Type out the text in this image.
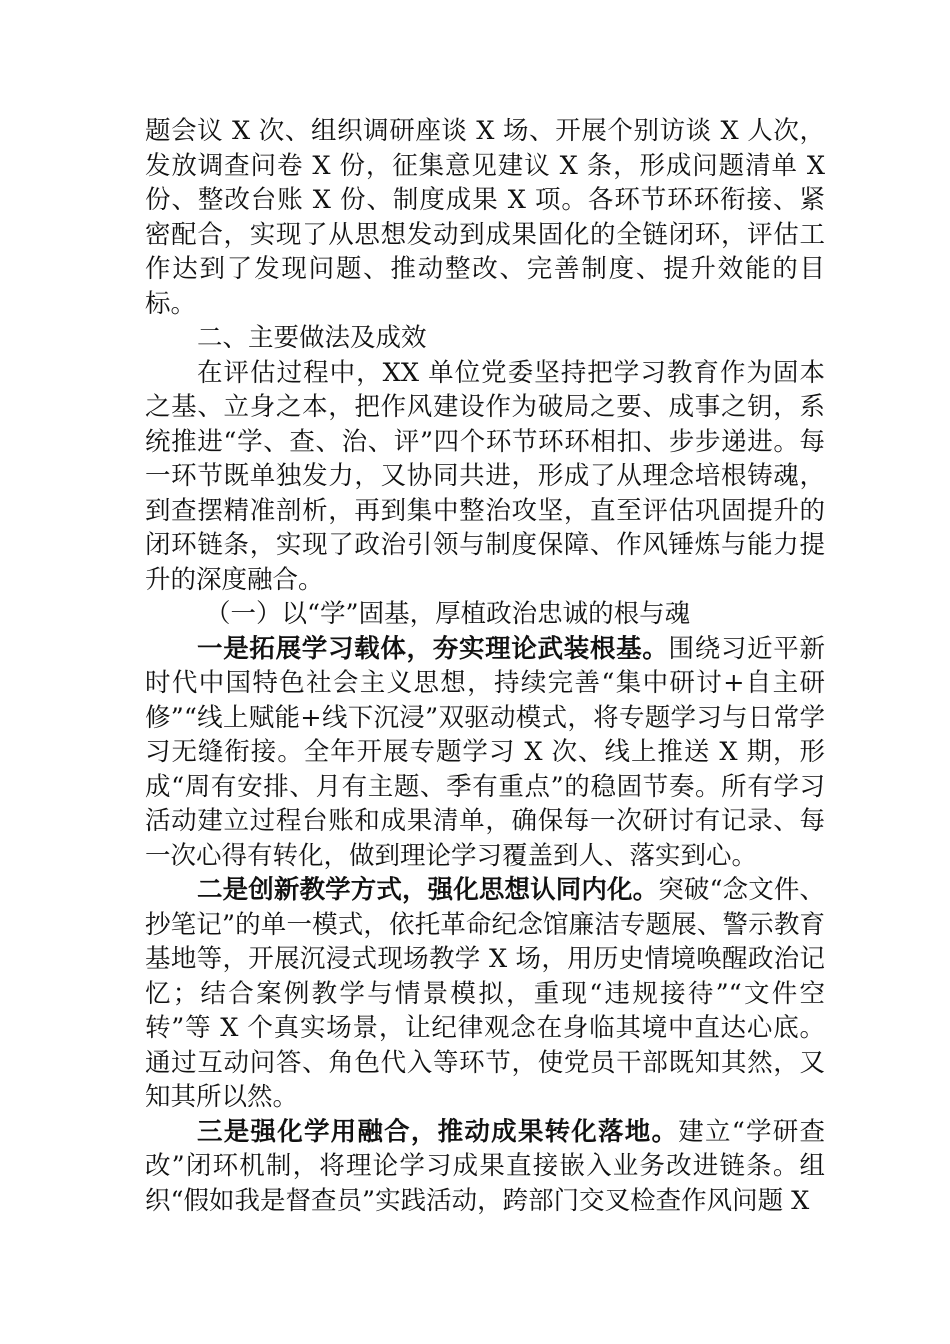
题会议 X 次、组织调研座谈 X 场、开展个别访谈 X 人次，发放调查问卷 X 份，征集意见建议 X 条，形成问题清单 X 份、整改台账 X 份、制度成果 X 项。各环节环环衔接、紧密配合，实现了从思想发动到成果固化的全链闭环，评估工作达到了发现问题、推动整改、完善制度、提升效能的目标。

二、主要做法及成效

在评估过程中，XX 单位党委坚持把学习教育作为固本之基、立身之本，把作风建设作为破局之要、成事之钥，系统推进“学、查、治、评”四个环节环环相扣、步步递进。每一环节既单独发力，又协同共进，形成了从理念培根铸魂，到查摆精准剖析，再到集中整治攻坚，直至评估巩固提升的闭环链条，实现了政治引领与制度保障、作风锤炼与能力提升的深度融合。

（一）以“学”固基，厚植政治忠诚的根与魂

一是拓展学习载体，夯实理论武装根基。围绕习近平新时代中国特色社会主义思想，持续完善“集中研讨+自主研修”“线上赋能+线下沉浸”双驱动模式，将专题学习与日常学习无缝衔接。全年开展专题学习 X 次、线上推送 X 期，形成“周有安排、月有主题、季有重点”的稳固节奏。所有学习活动建立过程台账和成果清单，确保每一次研讨有记录、每一次心得有转化，做到理论学习覆盖到人、落实到心。

二是创新教学方式，强化思想认同内化。突破“念文件、抄笔记”的单一模式，依托革命纪念馆廉洁专题展、警示教育基地等，开展沉浸式现场教学 X 场，用历史情境唤醒政治记忆；结合案例教学与情景模拟，重现“违规接待”“文件空转”等 X 个真实场景，让纪律观念在身临其境中直达心底。通过互动问答、角色代入等环节，使党员干部既知其然，又知其所以然。

三是强化学用融合，推动成果转化落地。建立“学研查改”闭环机制，将理论学习成果直接嵌入业务改进链条。组织“假如我是督查员”实践活动，跨部门交叉检查作风问题 X
